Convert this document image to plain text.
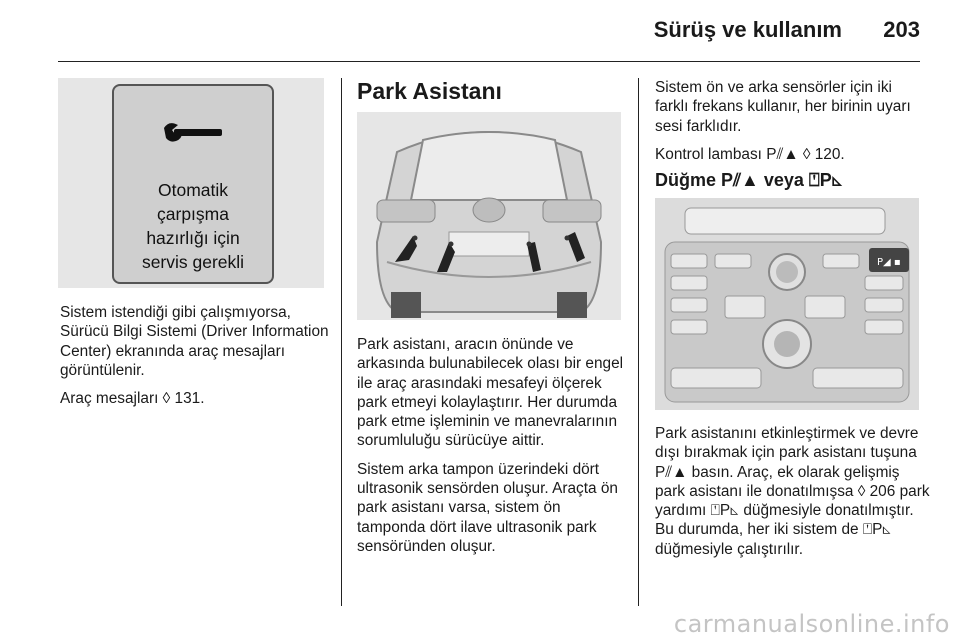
Sürüş ve kullanım 203
Otomatik
çarpışma
hazırlığı için
servis gerekli

Sistem istendiği gibi çalışmıyorsa, Sürücü Bilgi Sistemi (Driver Information Center) ekranında araç mesajları görüntülenir.

Araç mesajları ◊ 131.

Park Asistanı

Park asistanı, aracın önünde ve arkasında bulunabilecek olası bir engel ile araç arasındaki mesafeyi ölçerek park etmeyi kolaylaştırır. Her durumda park etme işleminin ve manevralarının sorumluluğu sürücüye aittir.

Sistem arka tampon üzerindeki dört ultrasonik sensörden oluşur. Araçta ön park asistanı varsa, sistem ön tamponda dört ilave ultrasonik park sensöründen oluşur.

Sistem ön ve arka sensörler için iki farklı frekans kullanır, her birinin uyarı sesi farklıdır.

Kontrol lambası P⫽▲ ◊ 120.

Düğme P⫽▲ veya ⍞P◺
P◢ ▪

Park asistanını etkinleştirmek ve devre dışı bırakmak için park asistanı tuşuna P⫽▲ basın. Araç, ek olarak gelişmiş park asistanı ile donatılmışsa ◊ 206 park yardımı ⍞P◺ düğmesiyle donatılmıştır. Bu durumda, her iki sistem de ⍞P◺ düğmesiyle çalıştırılır.

carmanualsonline.info
